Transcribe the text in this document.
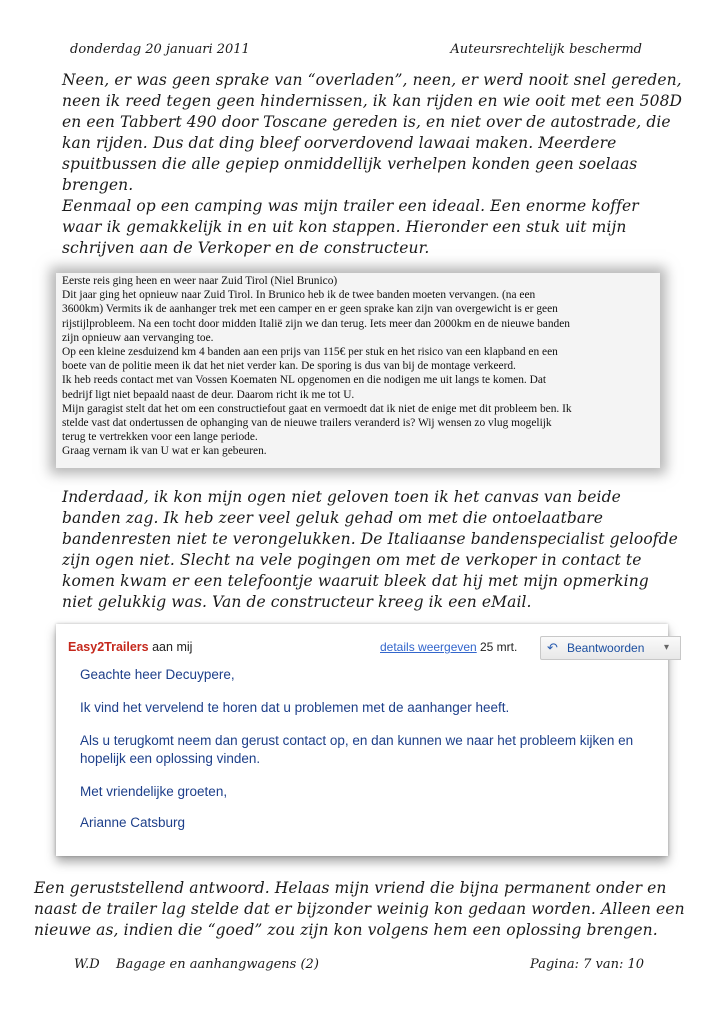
donderdag 20 januari 2011	Auteursrechtelijk beschermd
Neen, er was geen sprake van “overladen”, neen, er werd nooit snel gereden,
neen ik reed tegen geen hindernissen, ik kan rijden en wie ooit met een 508D
en een Tabbert 490 door Toscane gereden is, en niet over de autostrade, die
kan rijden. Dus dat ding bleef oorverdovend lawaai maken. Meerdere
spuitbussen die alle gepiep onmiddellijk verhelpen konden geen soelaas
brengen.
Eenmaal op een camping was mijn trailer een ideaal. Een enorme koffer
waar ik gemakkelijk in en uit kon stappen. Hieronder een stuk uit mijn
schrijven aan de Verkoper en de constructeur.
Eerste reis ging heen en weer naar Zuid Tirol (Niel Brunico)
Dit jaar ging het opnieuw naar Zuid Tirol. In Brunico heb ik de twee banden moeten vervangen. (na een
3600km) Vermits ik de aanhanger trek met een camper en er geen sprake kan zijn van overgewicht is er geen
rijstijlprobleem. Na een tocht door midden Italië zijn we dan terug. Iets meer dan 2000km en de nieuwe banden
zijn opnieuw aan vervanging toe.
Op een kleine zesduizend km 4 banden aan een prijs van 115€ per stuk en het risico van een klapband en een
boete van de politie meen ik dat het niet verder kan. De sporing is dus van bij de montage verkeerd.
Ik heb reeds contact met van Vossen Koematen NL opgenomen en die nodigen me uit langs te komen. Dat
bedrijf ligt niet bepaald naast de deur. Daarom richt ik me tot U.
Mijn garagist stelt dat het om een constructiefout gaat en vermoedt dat ik niet de enige met dit probleem ben. Ik
stelde vast dat ondertussen de ophanging van de nieuwe trailers veranderd is? Wij wensen zo vlug mogelijk
terug te vertrekken voor een lange periode.
Graag vernam ik van U wat er kan gebeuren.
Inderdaad, ik kon mijn ogen niet geloven toen ik het canvas van beide
banden zag. Ik heb zeer veel geluk gehad om met die ontoelaatbare
bandenresten niet te verongelukken. De Italiaanse bandenspecialist geloofde
zijn ogen niet. Slecht na vele pogingen om met de verkoper in contact te
komen kwam er een telefoontje waaruit bleek dat hij met mijn opmerking
niet gelukkig was. Van de constructeur kreeg ik een eMail.
Easy2Trailers aan mij	details weergeven 25 mrt. ↶ Beantwoorden ▾
Geachte heer Decuypere,
Ik vind het vervelend te horen dat u problemen met de aanhanger heeft.
Als u terugkomt neem dan gerust contact op, en dan kunnen we naar het probleem kijken en
hopelijk een oplossing vinden.
Met vriendelijke groeten,
Arianne Catsburg
Een geruststellend antwoord. Helaas mijn vriend die bijna permanent onder en
naast de trailer lag stelde dat er bijzonder weinig kon gedaan worden. Alleen een
nieuwe as, indien die “goed” zou zijn kon volgens hem een oplossing brengen.
W.D Bagage en aanhangwagens (2)	Pagina: 7 van: 10
